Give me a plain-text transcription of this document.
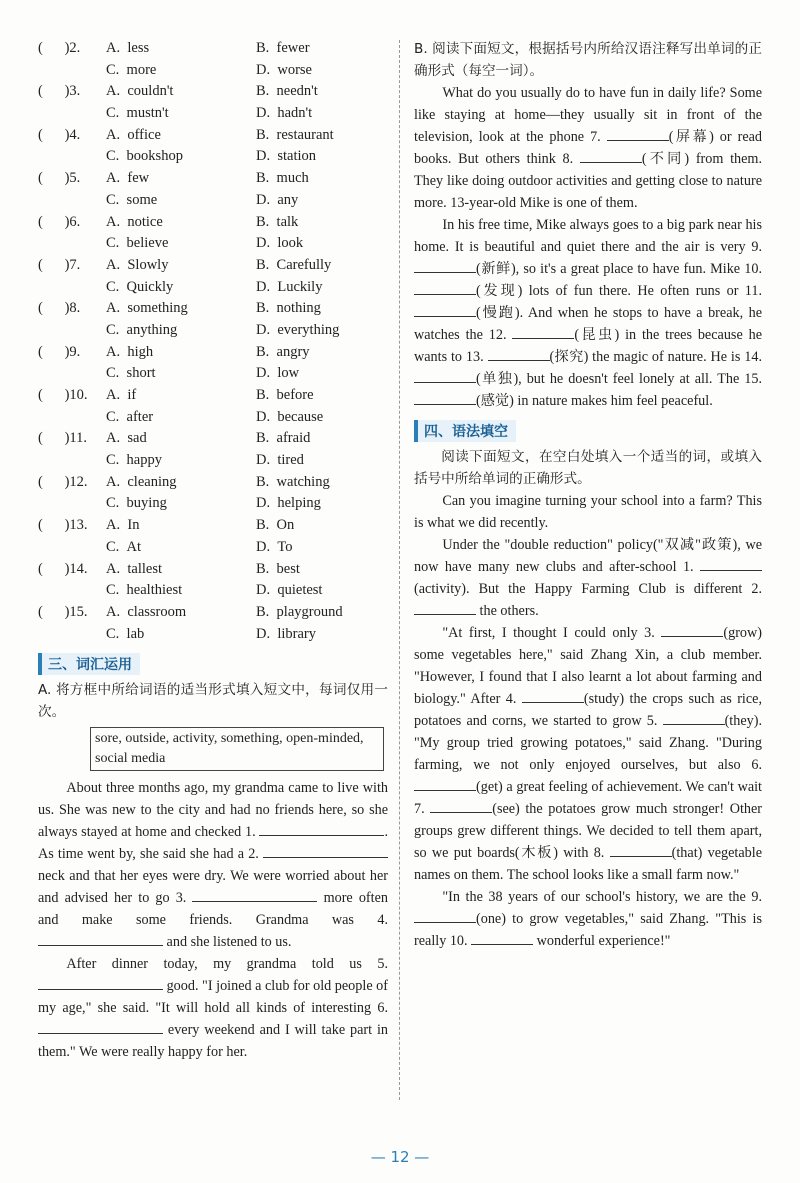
(      )2.	A.  less	B.  fewer
C.  more	D.  worse
(      )3.	A.  couldn't	B.  needn't
C.  mustn't	D.  hadn't
(      )4.	A.  office	B.  restaurant
C.  bookshop	D.  station
(      )5.	A.  few	B.  much
C.  some	D.  any
(      )6.	A.  notice	B.  talk
C.  believe	D.  look
(      )7.	A.  Slowly	B.  Carefully
C.  Quickly	D.  Luckily
(      )8.	A.  something	B.  nothing
C.  anything	D.  everything
(      )9.	A.  high	B.  angry
C.  short	D.  low
(      )10.	A.  if	B.  before
C.  after	D.  because
(      )11.	A.  sad	B.  afraid
C.  happy	D.  tired
(      )12.	A.  cleaning	B.  watching
C.  buying	D.  helping
(      )13.	A.  In	B.  On
C.  At	D.  To
(      )14.	A.  tallest	B.  best
C.  healthiest	D.  quietest
(      )15.	A.  classroom	B.  playground
C.  lab	D.  library
三、词汇运用

A. 将方框中所给词语的适当形式填入短文中，每词仅用一次。

sore, outside, activity, something, open-minded, social media

About three months ago, my grandma came to live with us. She was new to the city and had no friends here, so she always stayed at home and checked 1.	. As time went by, she said she had a 2.  neck and that her eyes were dry. We were worried about her and advised her to go 3.	more often and make some friends. Grandma was 4.  and she listened to us.

After dinner today, my grandma told us 5.  good. "I joined a club for old people of my age," she said. "It will hold all kinds of interesting 6.  every weekend and I will take part in them." We were really happy for her.

B. 阅读下面短文，根据括号内所给汉语注释写出单词的正确形式（每空一词）。

What do you usually do to have fun in daily life? Some like staying at home—they usually sit in front of the television, look at the phone 7.	(屏幕) or read books. But others think 8.	(不同) from them. They like doing outdoor activities and getting close to nature more. 13-year-old Mike is one of them.

In his free time, Mike always goes to a big park near his home. It is beautiful and quiet there and the air is very 9. (新鲜), so it's a great place to have fun. Mike 10. (发现) lots of fun there. He often runs or 11. (慢跑). And when he stops to have a break, he watches the 12.	(昆虫) in the trees because he wants to 13.	(探究) the magic of nature. He is 14. (单独), but he doesn't feel lonely at all. The 15. (感觉) in nature makes him feel peaceful.

四、语法填空

阅读下面短文，在空白处填入一个适当的词，或填入括号中所给单词的正确形式。

Can you imagine turning your school into a farm? This is what we did recently.

Under the "double reduction" policy("双减"政策), we now have many new clubs and after-school 1. (activity). But the Happy Farming Club is different 2.  the others.

"At first, I thought I could only 3.	(grow) some vegetables here," said Zhang Xin, a club member. "However, I found that I also learnt a lot about farming and biology." After 4.	(study) the crops such as rice, potatoes and corns, we started to grow 5.	(they). "My group tried growing potatoes," said Zhang. "During farming, we not only enjoyed ourselves, but also 6. (get) a great feeling of achievement. We can't wait 7.	(see) the potatoes grow much stronger! Other groups grew different things. We decided to tell them apart, so we put boards(木板) with 8.	(that) vegetable names on them. The school looks like a small farm now."

"In the 38 years of our school's history, we are the 9. (one) to grow vegetables," said Zhang. "This is really 10.	wonderful experience!"

— 12 —
